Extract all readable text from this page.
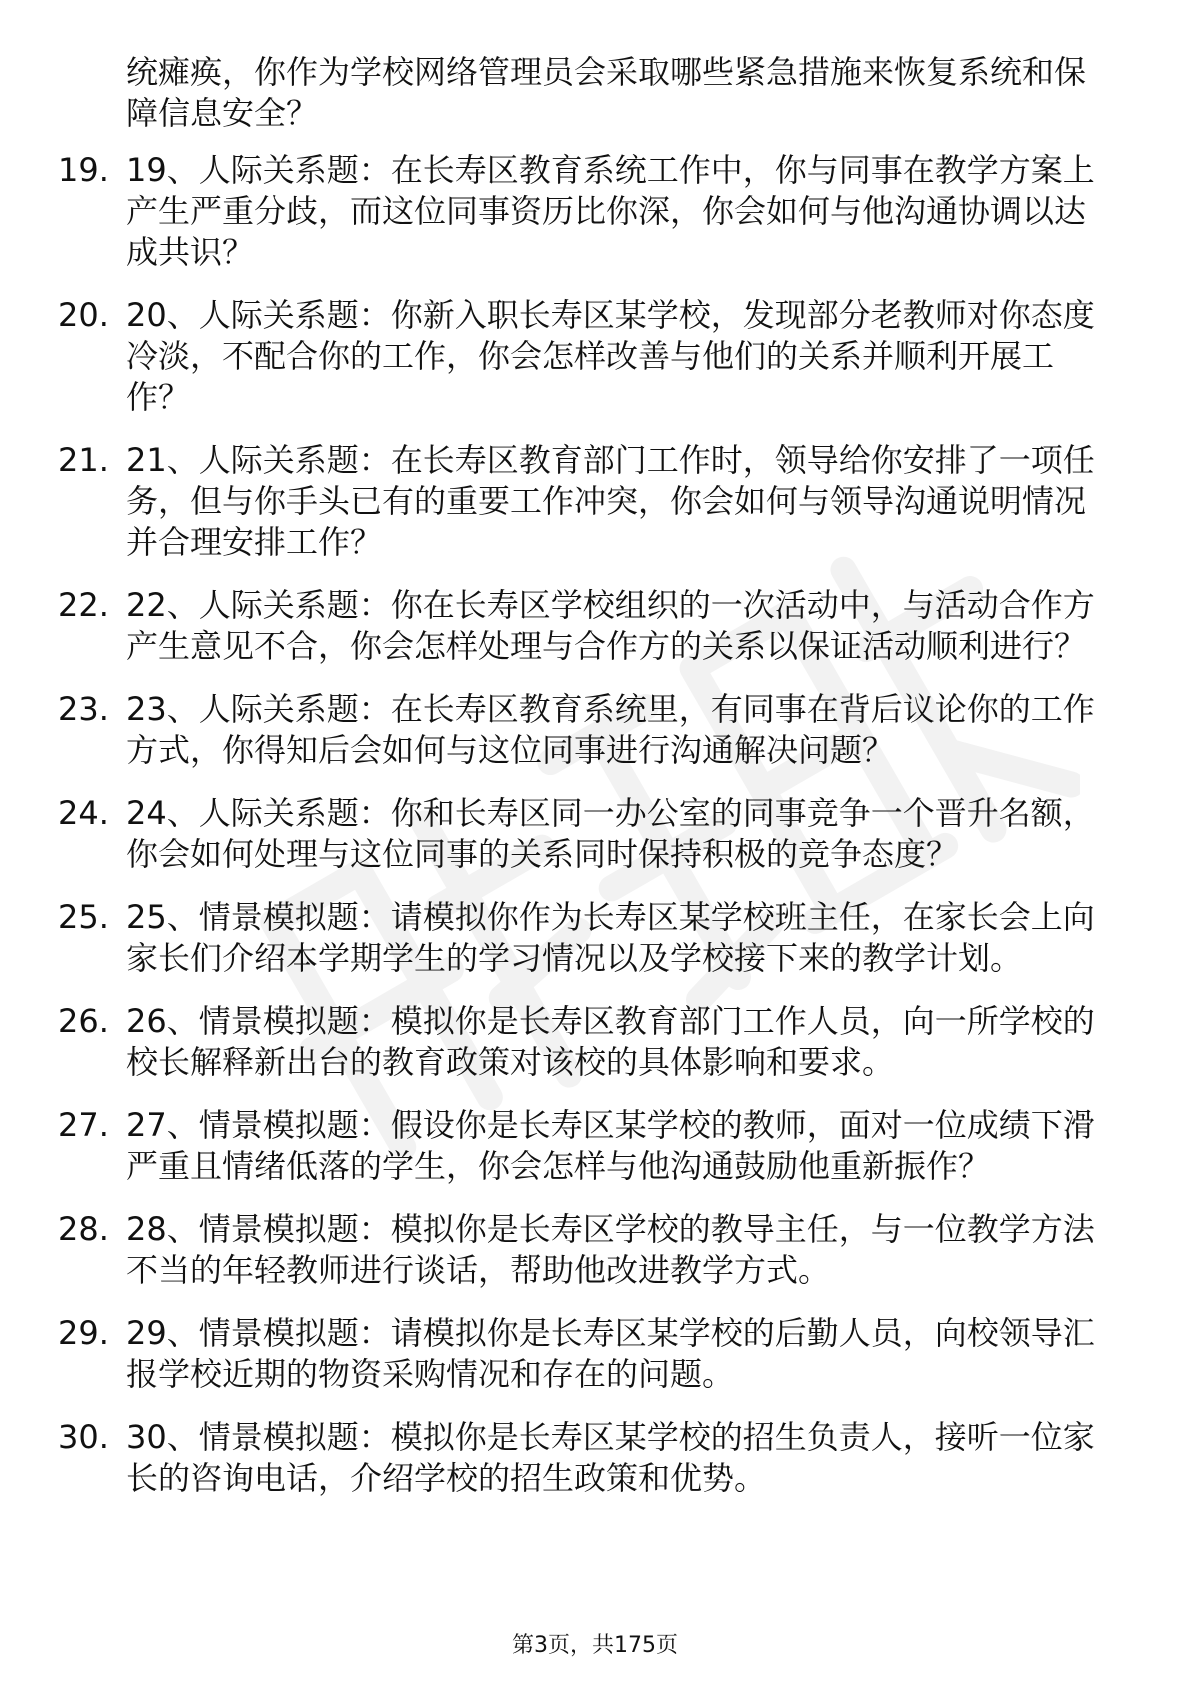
统瘫痪，你作为学校网络管理员会采取哪些紧急措施来恢复系统和保障信息安全？

19. 19、人际关系题：在长寿区教育系统工作中，你与同事在教学方案上产生严重分歧，而这位同事资历比你深，你会如何与他沟通协调以达成共识？
20. 20、人际关系题：你新入职长寿区某学校，发现部分老教师对你态度冷淡，不配合你的工作，你会怎样改善与他们的关系并顺利开展工作？
21. 21、人际关系题：在长寿区教育部门工作时，领导给你安排了一项任务，但与你手头已有的重要工作冲突，你会如何与领导沟通说明情况并合理安排工作？
22. 22、人际关系题：你在长寿区学校组织的一次活动中，与活动合作方产生意见不合，你会怎样处理与合作方的关系以保证活动顺利进行？
23. 23、人际关系题：在长寿区教育系统里，有同事在背后议论你的工作方式，你得知后会如何与这位同事进行沟通解决问题？
24. 24、人际关系题：你和长寿区同一办公室的同事竞争一个晋升名额，你会如何处理与这位同事的关系同时保持积极的竞争态度？
25. 25、情景模拟题：请模拟你作为长寿区某学校班主任，在家长会上向家长们介绍本学期学生的学习情况以及学校接下来的教学计划。
26. 26、情景模拟题：模拟你是长寿区教育部门工作人员，向一所学校的校长解释新出台的教育政策对该校的具体影响和要求。
27. 27、情景模拟题：假设你是长寿区某学校的教师，面对一位成绩下滑严重且情绪低落的学生，你会怎样与他沟通鼓励他重新振作？
28. 28、情景模拟题：模拟你是长寿区学校的教导主任，与一位教学方法不当的年轻教师进行谈话，帮助他改进教学方式。
29. 29、情景模拟题：请模拟你是长寿区某学校的后勤人员，向校领导汇报学校近期的物资采购情况和存在的问题。
30. 30、情景模拟题：模拟你是长寿区某学校的招生负责人，接听一位家长的咨询电话，介绍学校的招生政策和优势。
第3页，共175页
